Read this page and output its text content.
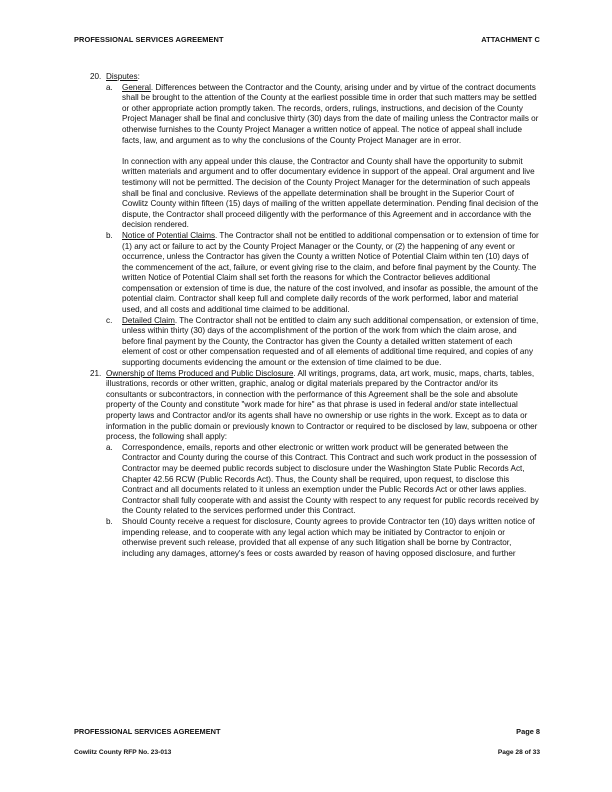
PROFESSIONAL SERVICES AGREEMENT	ATTACHMENT C
20. Disputes:

a. General. Differences between the Contractor and the County, arising under and by virtue of the contract documents shall be brought to the attention of the County at the earliest possible time in order that such matters may be settled or other appropriate action promptly taken. The records, orders, rulings, instructions, and decision of the County Project Manager shall be final and conclusive thirty (30) days from the date of mailing unless the Contractor mails or otherwise furnishes to the County Project Manager a written notice of appeal. The notice of appeal shall include facts, law, and argument as to why the conclusions of the County Project Manager are in error.

In connection with any appeal under this clause, the Contractor and County shall have the opportunity to submit written materials and argument and to offer documentary evidence in support of the appeal. Oral argument and live testimony will not be permitted. The decision of the County Project Manager for the determination of such appeals shall be final and conclusive. Reviews of the appellate determination shall be brought in the Superior Court of Cowlitz County within fifteen (15) days of mailing of the written appellate determination. Pending final decision of the dispute, the Contractor shall proceed diligently with the performance of this Agreement and in accordance with the decision rendered.

b. Notice of Potential Claims. The Contractor shall not be entitled to additional compensation or to extension of time for (1) any act or failure to act by the County Project Manager or the County, or (2) the happening of any event or occurrence, unless the Contractor has given the County a written Notice of Potential Claim within ten (10) days of the commencement of the act, failure, or event giving rise to the claim, and before final payment by the County. The written Notice of Potential Claim shall set forth the reasons for which the Contractor believes additional compensation or extension of time is due, the nature of the cost involved, and insofar as possible, the amount of the potential claim. Contractor shall keep full and complete daily records of the work performed, labor and material used, and all costs and additional time claimed to be additional.

c. Detailed Claim. The Contractor shall not be entitled to claim any such additional compensation, or extension of time, unless within thirty (30) days of the accomplishment of the portion of the work from which the claim arose, and before final payment by the County, the Contractor has given the County a detailed written statement of each element of cost or other compensation requested and of all elements of additional time required, and copies of any supporting documents evidencing the amount or the extension of time claimed to be due.

21. Ownership of Items Produced and Public Disclosure. All writings, programs, data, art work, music, maps, charts, tables, illustrations, records or other written, graphic, analog or digital materials prepared by the Contractor and/or its consultants or subcontractors, in connection with the performance of this Agreement shall be the sole and absolute property of the County and constitute "work made for hire" as that phrase is used in federal and/or state intellectual property laws and Contractor and/or its agents shall have no ownership or use rights in the work. Except as to data or information in the public domain or previously known to Contractor or required to be disclosed by law, subpoena or other process, the following shall apply:

a. Correspondence, emails, reports and other electronic or written work product will be generated between the Contractor and County during the course of this Contract. This Contract and such work product in the possession of Contractor may be deemed public records subject to disclosure under the Washington State Public Records Act, Chapter 42.56 RCW (Public Records Act). Thus, the County shall be required, upon request, to disclose this Contract and all documents related to it unless an exemption under the Public Records Act or other laws applies. Contractor shall fully cooperate with and assist the County with respect to any request for public records received by the County related to the services performed under this Contract.

b. Should County receive a request for disclosure, County agrees to provide Contractor ten (10) days written notice of impending release, and to cooperate with any legal action which may be initiated by Contractor to enjoin or otherwise prevent such release, provided that all expense of any such litigation shall be borne by Contractor, including any damages, attorney's fees or costs awarded by reason of having opposed disclosure, and further

PROFESSIONAL SERVICES AGREEMENT	Page 8
Cowlitz County RFP No. 23-013	Page 28 of 33
